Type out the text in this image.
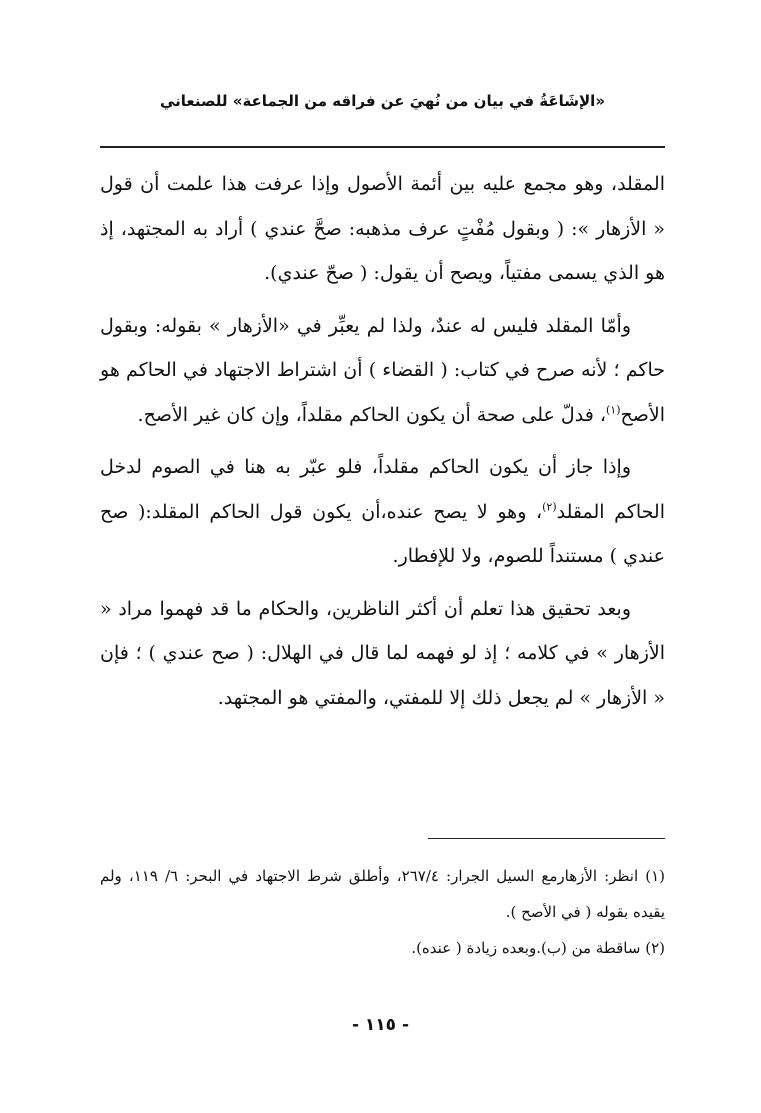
«الإشَاعَةُ في بيان من نُهيَ عن فراقه من الجماعة» للصنعاني

المقلد، وهو مجمع عليه بين أئمة الأصول وإذا عرفت هذا علمت أن قول « الأزهار »: ( وبقول مُفْتٍ عرف مذهبه: صحَّ عندي ) أراد به المجتهد، إذ هو الذي يسمى مفتياً، ويصح أن يقول: ( صحّ عندي).

وأمّا المقلد فليس له عندٌ، ولذا لم يعبِّر في «الأزهار » بقوله: وبقول حاكم ؛ لأنه صرح في كتاب: ( القضاء ) أن اشتراط الاجتهاد في الحاكم هو الأصح$^{(١)}$، فدلّ على صحة أن يكون الحاكم مقلداً، وإن كان غير الأصح.

وإذا جاز أن يكون الحاكم مقلداً، فلو عبّر به هنا في الصوم لدخل الحاكم المقلد$^{(٢)}$، وهو لا يصح عنده،أن يكون قول الحاكم المقلد:( صح عندي ) مستنداً للصوم، ولا للإفطار.

وبعد تحقيق هذا تعلم أن أكثر الناظرين، والحكام ما قد فهموا مراد « الأزهار » في كلامه ؛ إذ لو فهمه لما قال في الهلال: ( صح عندي ) ؛ فإن « الأزهار » لم يجعل ذلك إلا للمفتي، والمفتي هو المجتهد.

(١) انظر: الأزهارمع السيل الجرار: ٢٦٧/٤، وأطلق شرط الاجتهاد في البحر: ٦/ ١١٩، ولم يقيده بقوله ( في الأصح ).

(٢) ساقطة من (ب).وبعده زيادة ( عنده).

- ١١٥ -
